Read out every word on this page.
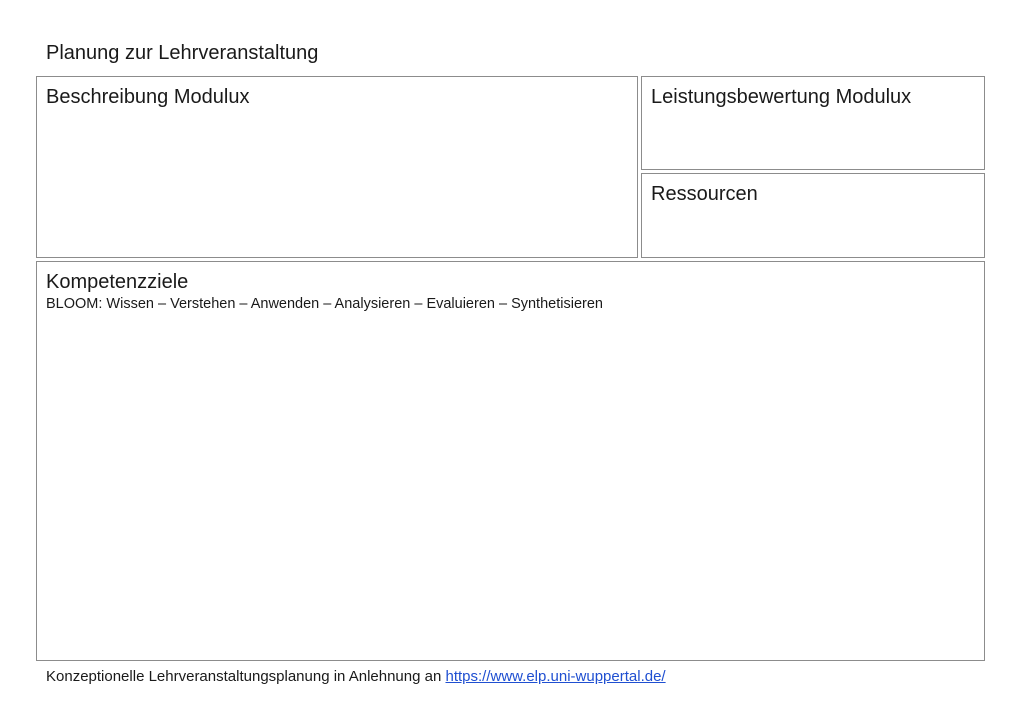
Planung zur Lehrveranstaltung
Beschreibung Modulux	Leistungsbewertung Modulux
Ressourcen
Kompetenzziele
BLOOM: Wissen – Verstehen – Anwenden – Analysieren – Evaluieren – Synthetisieren
Konzeptionelle Lehrveranstaltungsplanung in Anlehnung an https://www.elp.uni-wuppertal.de/
